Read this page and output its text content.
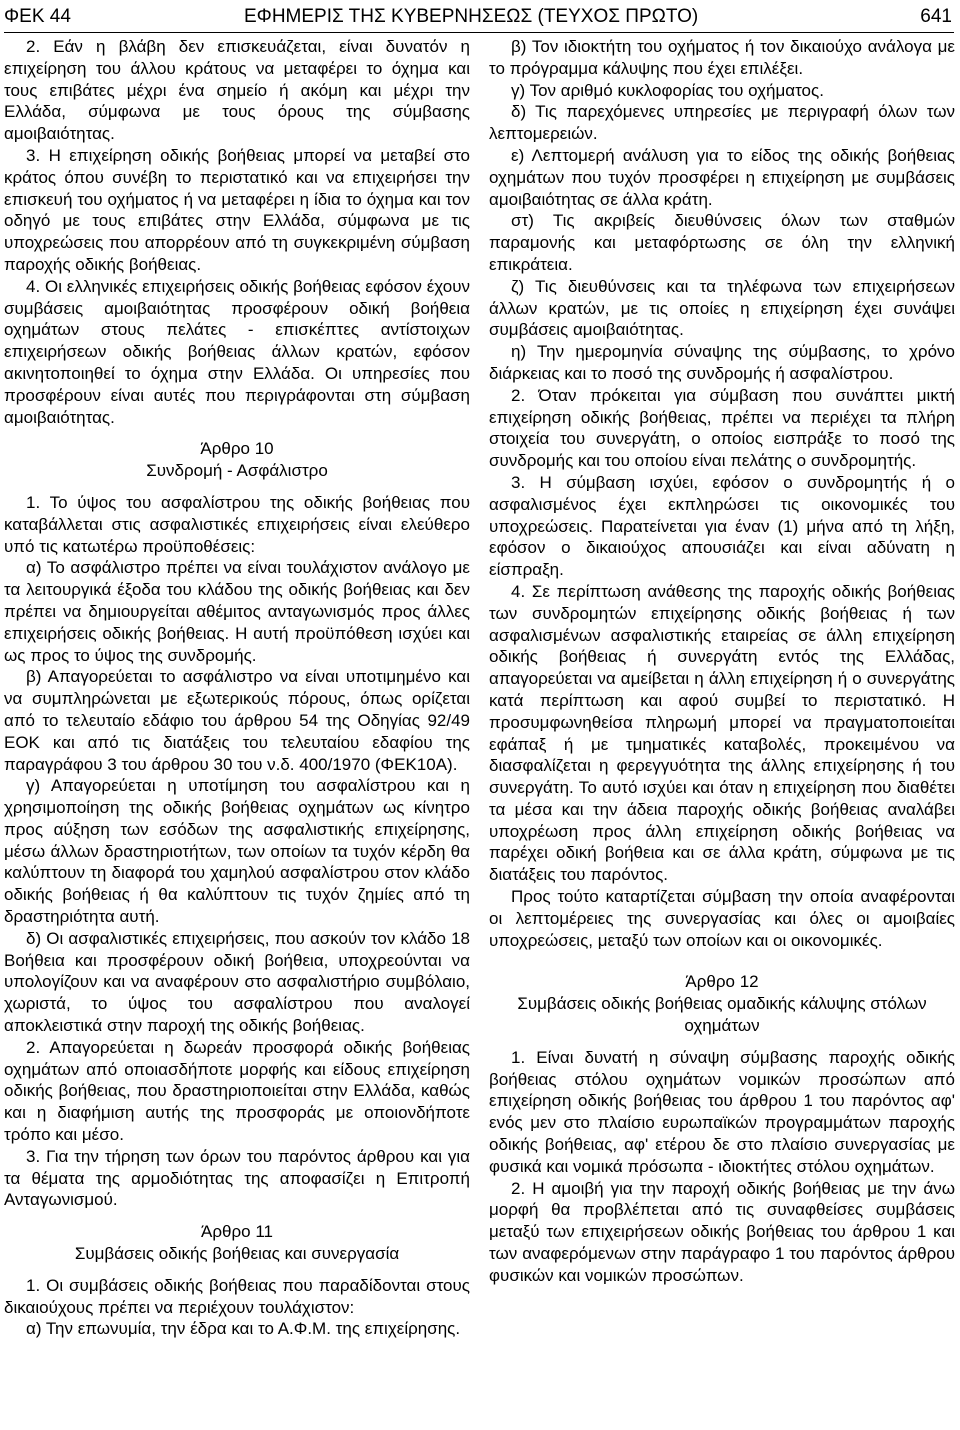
ΦΕΚ 44	ΕΦΗΜΕΡΙΣ ΤΗΣ ΚΥΒΕΡΝΗΣΕΩΣ (ΤΕΥΧΟΣ ΠΡΩΤΟ)	641

2. Εάν η βλάβη δεν επισκευάζεται, είναι δυνατόν η επιχείρηση του άλλου κράτους να μεταφέρει το όχημα και τους επιβάτες μέχρι ένα σημείο ή ακόμη και μέχρι την Ελλάδα, σύμφωνα με τους όρους της σύμβασης αμοιβαιότητας.

3. Η επιχείρηση οδικής βοήθειας μπορεί να μεταβεί στο κράτος όπου συνέβη το περιστατικό και να επιχειρήσει την επισκευή του οχήματος ή να μεταφέρει η ίδια το όχημα και τον οδηγό με τους επιβάτες στην Ελλάδα, σύμφωνα με τις υποχρεώσεις που απορρέουν από τη συγκεκριμένη σύμβαση παροχής οδικής βοήθειας.

4. Οι ελληνικές επιχειρήσεις οδικής βοήθειας εφόσον έχουν συμβάσεις αμοιβαιότητας προσφέρουν οδική βοήθεια οχημάτων στους πελάτες - επισκέπτες αντίστοιχων επιχειρήσεων οδικής βοήθειας άλλων κρατών, εφόσον ακινητοποιηθεί το όχημα στην Ελλάδα. Οι υπηρεσίες που προσφέρουν είναι αυτές που περιγράφονται στη σύμβαση αμοιβαιότητας.

Άρθρο 10

Συνδρομή - Ασφάλιστρο

1. Το ύψος του ασφαλίστρου της οδικής βοήθειας που καταβάλλεται στις ασφαλιστικές επιχειρήσεις είναι ελεύθερο υπό τις κατωτέρω προϋποθέσεις:

α) Το ασφάλιστρο πρέπει να είναι τουλάχιστον ανάλογο με τα λειτουργικά έξοδα του κλάδου της οδικής βοήθειας και δεν πρέπει να δημιουργείται αθέμιτος ανταγωνισμός προς άλλες επιχειρήσεις οδικής βοήθειας. Η αυτή προϋπόθεση ισχύει και ως προς το ύψος της συνδρομής.

β) Απαγορεύεται το ασφάλιστρο να είναι υποτιμημένο και να συμπληρώνεται με εξωτερικούς πόρους, όπως ορίζεται από το τελευταίο εδάφιο του άρθρου 54 της Οδηγίας 92/49 ΕΟΚ και από τις διατάξεις του τελευταίου εδαφίου της παραγράφου 3 του άρθρου 30 του ν.δ. 400/1970 (ΦΕΚ10Α).

γ) Απαγορεύεται η υποτίμηση του ασφαλίστρου και η χρησιμοποίηση της οδικής βοήθειας οχημάτων ως κίνητρο προς αύξηση των εσόδων της ασφαλιστικής επιχείρησης, μέσω άλλων δραστηριοτήτων, των οποίων τα τυχόν κέρδη θα καλύπτουν τη διαφορά του χαμηλού ασφαλίστρου στον κλάδο οδικής βοήθειας ή θα καλύπτουν τις τυχόν ζημίες από τη δραστηριότητα αυτή.

δ) Οι ασφαλιστικές επιχειρήσεις, που ασκούν τον κλάδο 18 Βοήθεια και προσφέρουν οδική βοήθεια, υποχρεούνται να υπολογίζουν και να αναφέρουν στο ασφαλιστήριο συμβόλαιο, χωριστά, το ύψος του ασφαλίστρου που αναλογεί αποκλειστικά στην παροχή της οδικής βοήθειας.

2. Απαγορεύεται η δωρεάν προσφορά οδικής βοήθειας οχημάτων από οποιασδήποτε μορφής και είδους επιχείρηση οδικής βοήθειας, που δραστηριοποιείται στην Ελλάδα, καθώς και η διαφήμιση αυτής της προσφοράς με οποιονδήποτε τρόπο και μέσο.

3. Για την τήρηση των όρων του παρόντος άρθρου και για τα θέματα της αρμοδιότητας της αποφασίζει η Επιτροπή Ανταγωνισμού.

Άρθρο 11

Συμβάσεις οδικής βοήθειας και συνεργασία

1. Οι συμβάσεις οδικής βοήθειας που παραδίδονται στους δικαιούχους πρέπει να περιέχουν τουλάχιστον:

α) Την επωνυμία, την έδρα και το Α.Φ.Μ. της επιχείρησης.

β) Τον ιδιοκτήτη του οχήματος ή τον δικαιούχο ανάλογα με το πρόγραμμα κάλυψης που έχει επιλέξει.

γ) Τον αριθμό κυκλοφορίας του οχήματος.

δ) Τις παρεχόμενες υπηρεσίες με περιγραφή όλων των λεπτομερειών.

ε) Λεπτομερή ανάλυση για το είδος της οδικής βοήθειας οχημάτων που τυχόν προσφέρει η επιχείρηση με συμβάσεις αμοιβαιότητας σε άλλα κράτη.

στ) Τις ακριβείς διευθύνσεις όλων των σταθμών παραμονής και μεταφόρτωσης σε όλη την ελληνική επικράτεια.

ζ) Τις διευθύνσεις και τα τηλέφωνα των επιχειρήσεων άλλων κρατών, με τις οποίες η επιχείρηση έχει συνάψει συμβάσεις αμοιβαιότητας.

η) Την ημερομηνία σύναψης της σύμβασης, το χρόνο διάρκειας και το ποσό της συνδρομής ή ασφαλίστρου.

2. Όταν πρόκειται για σύμβαση που συνάπτει μικτή επιχείρηση οδικής βοήθειας, πρέπει να περιέχει τα πλήρη στοιχεία του συνεργάτη, ο οποίος εισπράξε το ποσό της συνδρομής και του οποίου είναι πελάτης ο συνδρομητής.

3. Η σύμβαση ισχύει, εφόσον ο συνδρομητής ή ο ασφαλισμένος έχει εκπληρώσει τις οικονομικές του υποχρεώσεις. Παρατείνεται για έναν (1) μήνα από τη λήξη, εφόσον ο δικαιούχος απουσιάζει και είναι αδύνατη η είσπραξη.

4. Σε περίπτωση ανάθεσης της παροχής οδικής βοήθειας των συνδρομητών επιχείρησης οδικής βοήθειας ή των ασφαλισμένων ασφαλιστικής εταιρείας σε άλλη επιχείρηση οδικής βοήθειας ή συνεργάτη εντός της Ελλάδας, απαγορεύεται να αμείβεται η άλλη επιχείρηση ή ο συνεργάτης κατά περίπτωση και αφού συμβεί το περιστατικό. Η προσυμφωνηθείσα πληρωμή μπορεί να πραγματοποιείται εφάπαξ ή με τμηματικές καταβολές, προκειμένου να διασφαλίζεται η φερεγγυότητα της άλλης επιχείρησης ή του συνεργάτη. Το αυτό ισχύει και όταν η επιχείρηση που διαθέτει τα μέσα και την άδεια παροχής οδικής βοήθειας αναλάβει υποχρέωση προς άλλη επιχείρηση οδικής βοήθειας να παρέχει οδική βοήθεια και σε άλλα κράτη, σύμφωνα με τις διατάξεις του παρόντος.

Προς τούτο καταρτίζεται σύμβαση την οποία αναφέρονται οι λεπτομέρειες της συνεργασίας και όλες οι αμοιβαίες υποχρεώσεις, μεταξύ των οποίων και οι οικονομικές.

Άρθρο 12

Συμβάσεις οδικής βοήθειας ομαδικής κάλυψης στόλων οχημάτων

1. Είναι δυνατή η σύναψη σύμβασης παροχής οδικής βοήθειας στόλου οχημάτων νομικών προσώπων από επιχείρηση οδικής βοήθειας του άρθρου 1 του παρόντος αφ' ενός μεν στο πλαίσιο ευρωπαϊκών προγραμμάτων παροχής οδικής βοήθειας, αφ' ετέρου δε στο πλαίσιο συνεργασίας με φυσικά και νομικά πρόσωπα - ιδιοκτήτες στόλου οχημάτων.

2. Η αμοιβή για την παροχή οδικής βοήθειας με την άνω μορφή θα προβλέπεται από τις συναφθείσες συμβάσεις μεταξύ των επιχειρήσεων οδικής βοήθειας του άρθρου 1 και των αναφερόμενων στην παράγραφο 1 του παρόντος άρθρου φυσικών και νομικών προσώπων.
